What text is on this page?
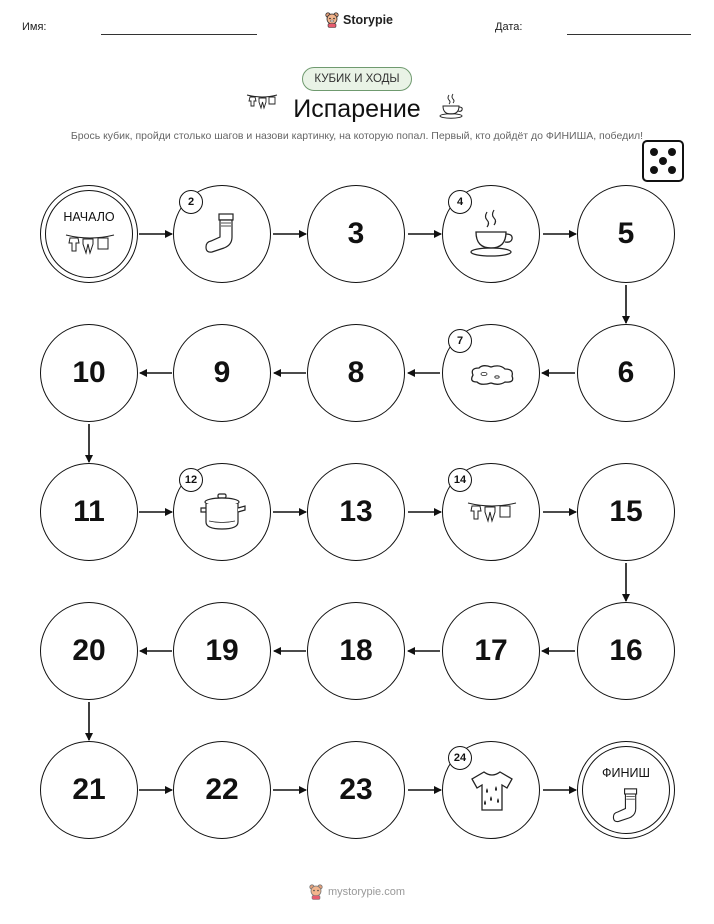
Имя:	Storypie	Дата:
КУБИК И ХОДЫ
Испарение
Брось кубик, пройди столько шагов и назови картинку, на которую попал. Первый, кто дойдёт до ФИНИША, победил!
НАЧАЛО
2
3
4
5
6
7
8
9
10
11
12
13
14
15
16
17
18
19
20
21	22	23
24
ФИНИШ
mystorypie.com
